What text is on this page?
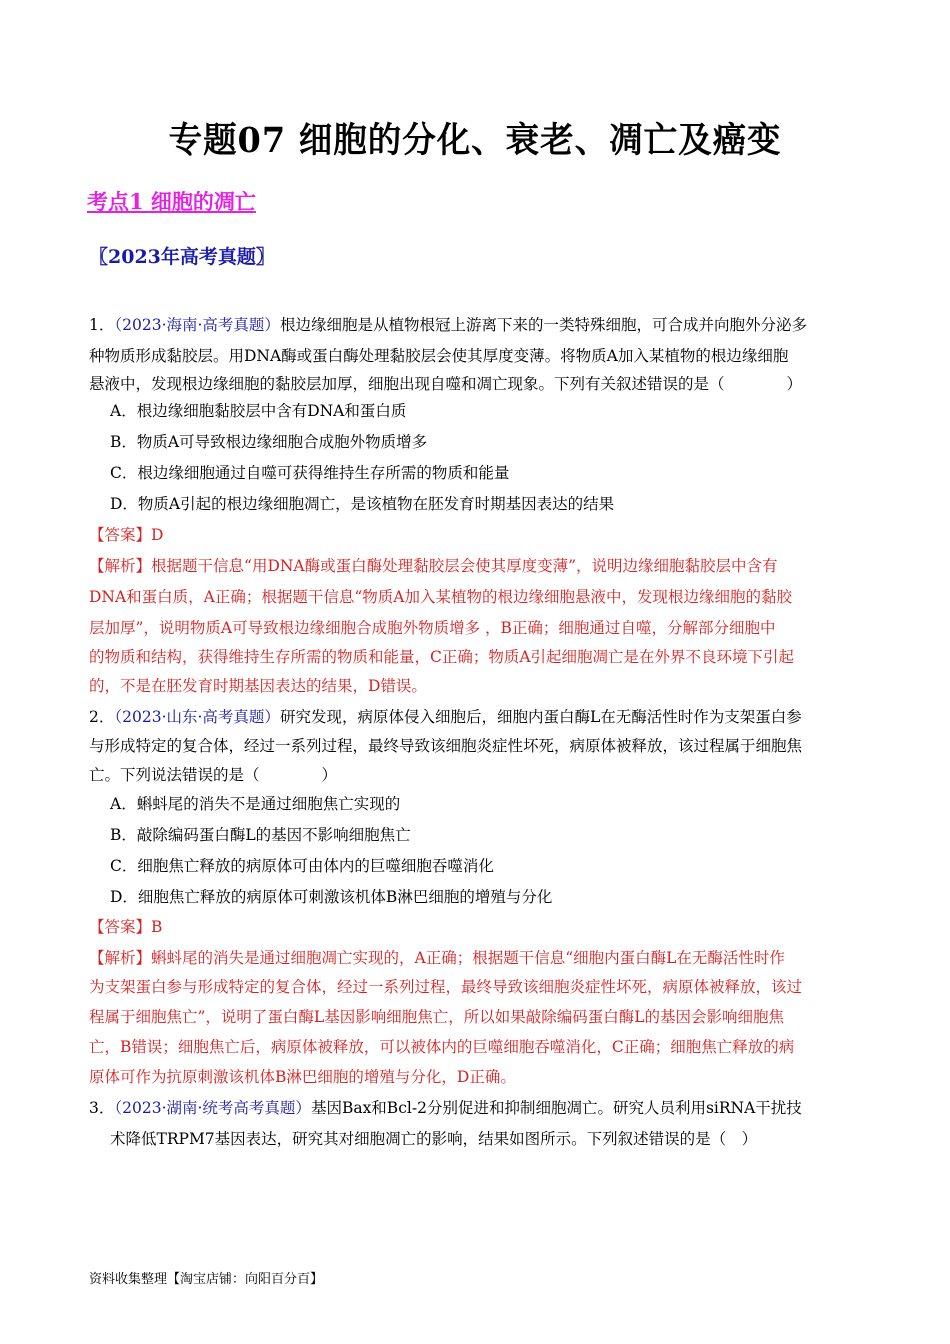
专题07 细胞的分化、衰老、凋亡及癌变
考点1 细胞的凋亡
〖2023年高考真题〗
1．（2023·海南·高考真题）根边缘细胞是从植物根冠上游离下来的一类特殊细胞，可合成并向胞外分泌多
种物质形成黏胶层。用DNA酶或蛋白酶处理黏胶层会使其厚度变薄。将物质A加入某植物的根边缘细胞
悬液中，发现根边缘细胞的黏胶层加厚，细胞出现自噬和凋亡现象。下列有关叙述错误的是（　　　　）
A．根边缘细胞黏胶层中含有DNA和蛋白质
B．物质A可导致根边缘细胞合成胞外物质增多
C．根边缘细胞通过自噬可获得维持生存所需的物质和能量
D．物质A引起的根边缘细胞凋亡，是该植物在胚发育时期基因表达的结果
【答案】D
【解析】根据题干信息“用DNA酶或蛋白酶处理黏胶层会使其厚度变薄”，说明边缘细胞黏胶层中含有
DNA和蛋白质，A正确；根据题干信息“物质A加入某植物的根边缘细胞悬液中，发现根边缘细胞的黏胶
层加厚”，说明物质A可导致根边缘细胞合成胞外物质增多 ，B正确；细胞通过自噬，分解部分细胞中
的物质和结构，获得维持生存所需的物质和能量，C正确；物质A引起细胞凋亡是在外界不良环境下引起
的，不是在胚发育时期基因表达的结果，D错误。
2．（2023·山东·高考真题）研究发现，病原体侵入细胞后，细胞内蛋白酶L在无酶活性时作为支架蛋白参
与形成特定的复合体，经过一系列过程，最终导致该细胞炎症性坏死，病原体被释放，该过程属于细胞焦
亡。下列说法错误的是（　　　　）
A．蝌蚪尾的消失不是通过细胞焦亡实现的
B．敲除编码蛋白酶L的基因不影响细胞焦亡
C．细胞焦亡释放的病原体可由体内的巨噬细胞吞噬消化
D．细胞焦亡释放的病原体可刺激该机体B淋巴细胞的增殖与分化
【答案】B
【解析】蝌蚪尾的消失是通过细胞凋亡实现的，A正确；根据题干信息“细胞内蛋白酶L在无酶活性时作
为支架蛋白参与形成特定的复合体，经过一系列过程，最终导致该细胞炎症性坏死，病原体被释放，该过
程属于细胞焦亡”，说明了蛋白酶L基因影响细胞焦亡，所以如果敲除编码蛋白酶L的基因会影响细胞焦
亡，B错误；细胞焦亡后，病原体被释放，可以被体内的巨噬细胞吞噬消化，C正确；细胞焦亡释放的病
原体可作为抗原刺激该机体B淋巴细胞的增殖与分化，D正确。
3．（2023·湖南·统考高考真题）基因Bax和Bcl-2分别促进和抑制细胞凋亡。研究人员利用siRNA干扰技
术降低TRPM7基因表达，研究其对细胞凋亡的影响，结果如图所示。下列叙述错误的是（　）
资料收集整理【淘宝店铺：向阳百分百】
